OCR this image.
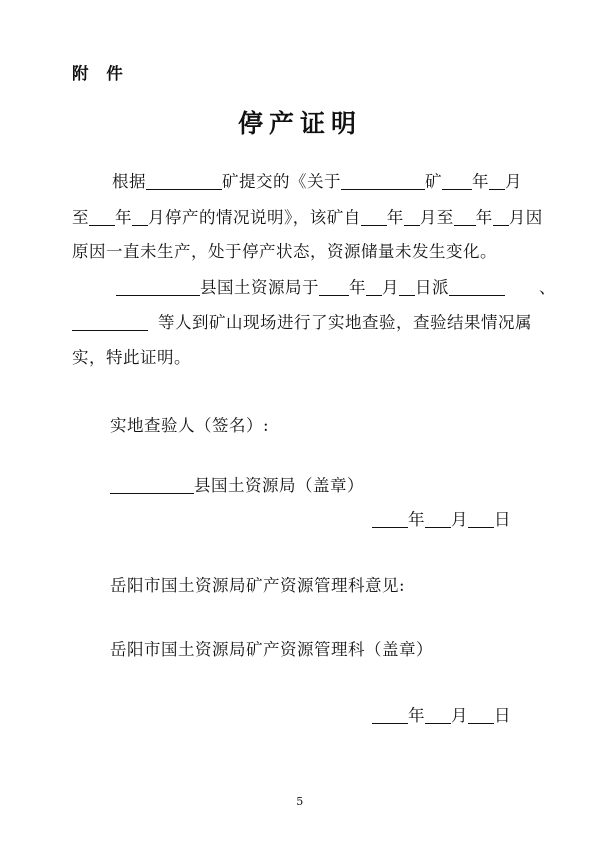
附 件
停产证明
根据	矿提交的《关于	矿 年 月
至 年 月停产的情况说明》，该矿自 年 月至 年 月因
原因一直未生产，处于停产状态，资源储量未发生变化。
县国土资源局于 年 月 日派	、
等人到矿山现场进行了实地查验，查验结果情况属
实，特此证明。
实地查验人（签名）:
县国土资源局（盖章）
年 月 日
岳阳市国土资源局矿产资源管理科意见:
岳阳市国土资源局矿产资源管理科（盖章）
年 月 日
5
